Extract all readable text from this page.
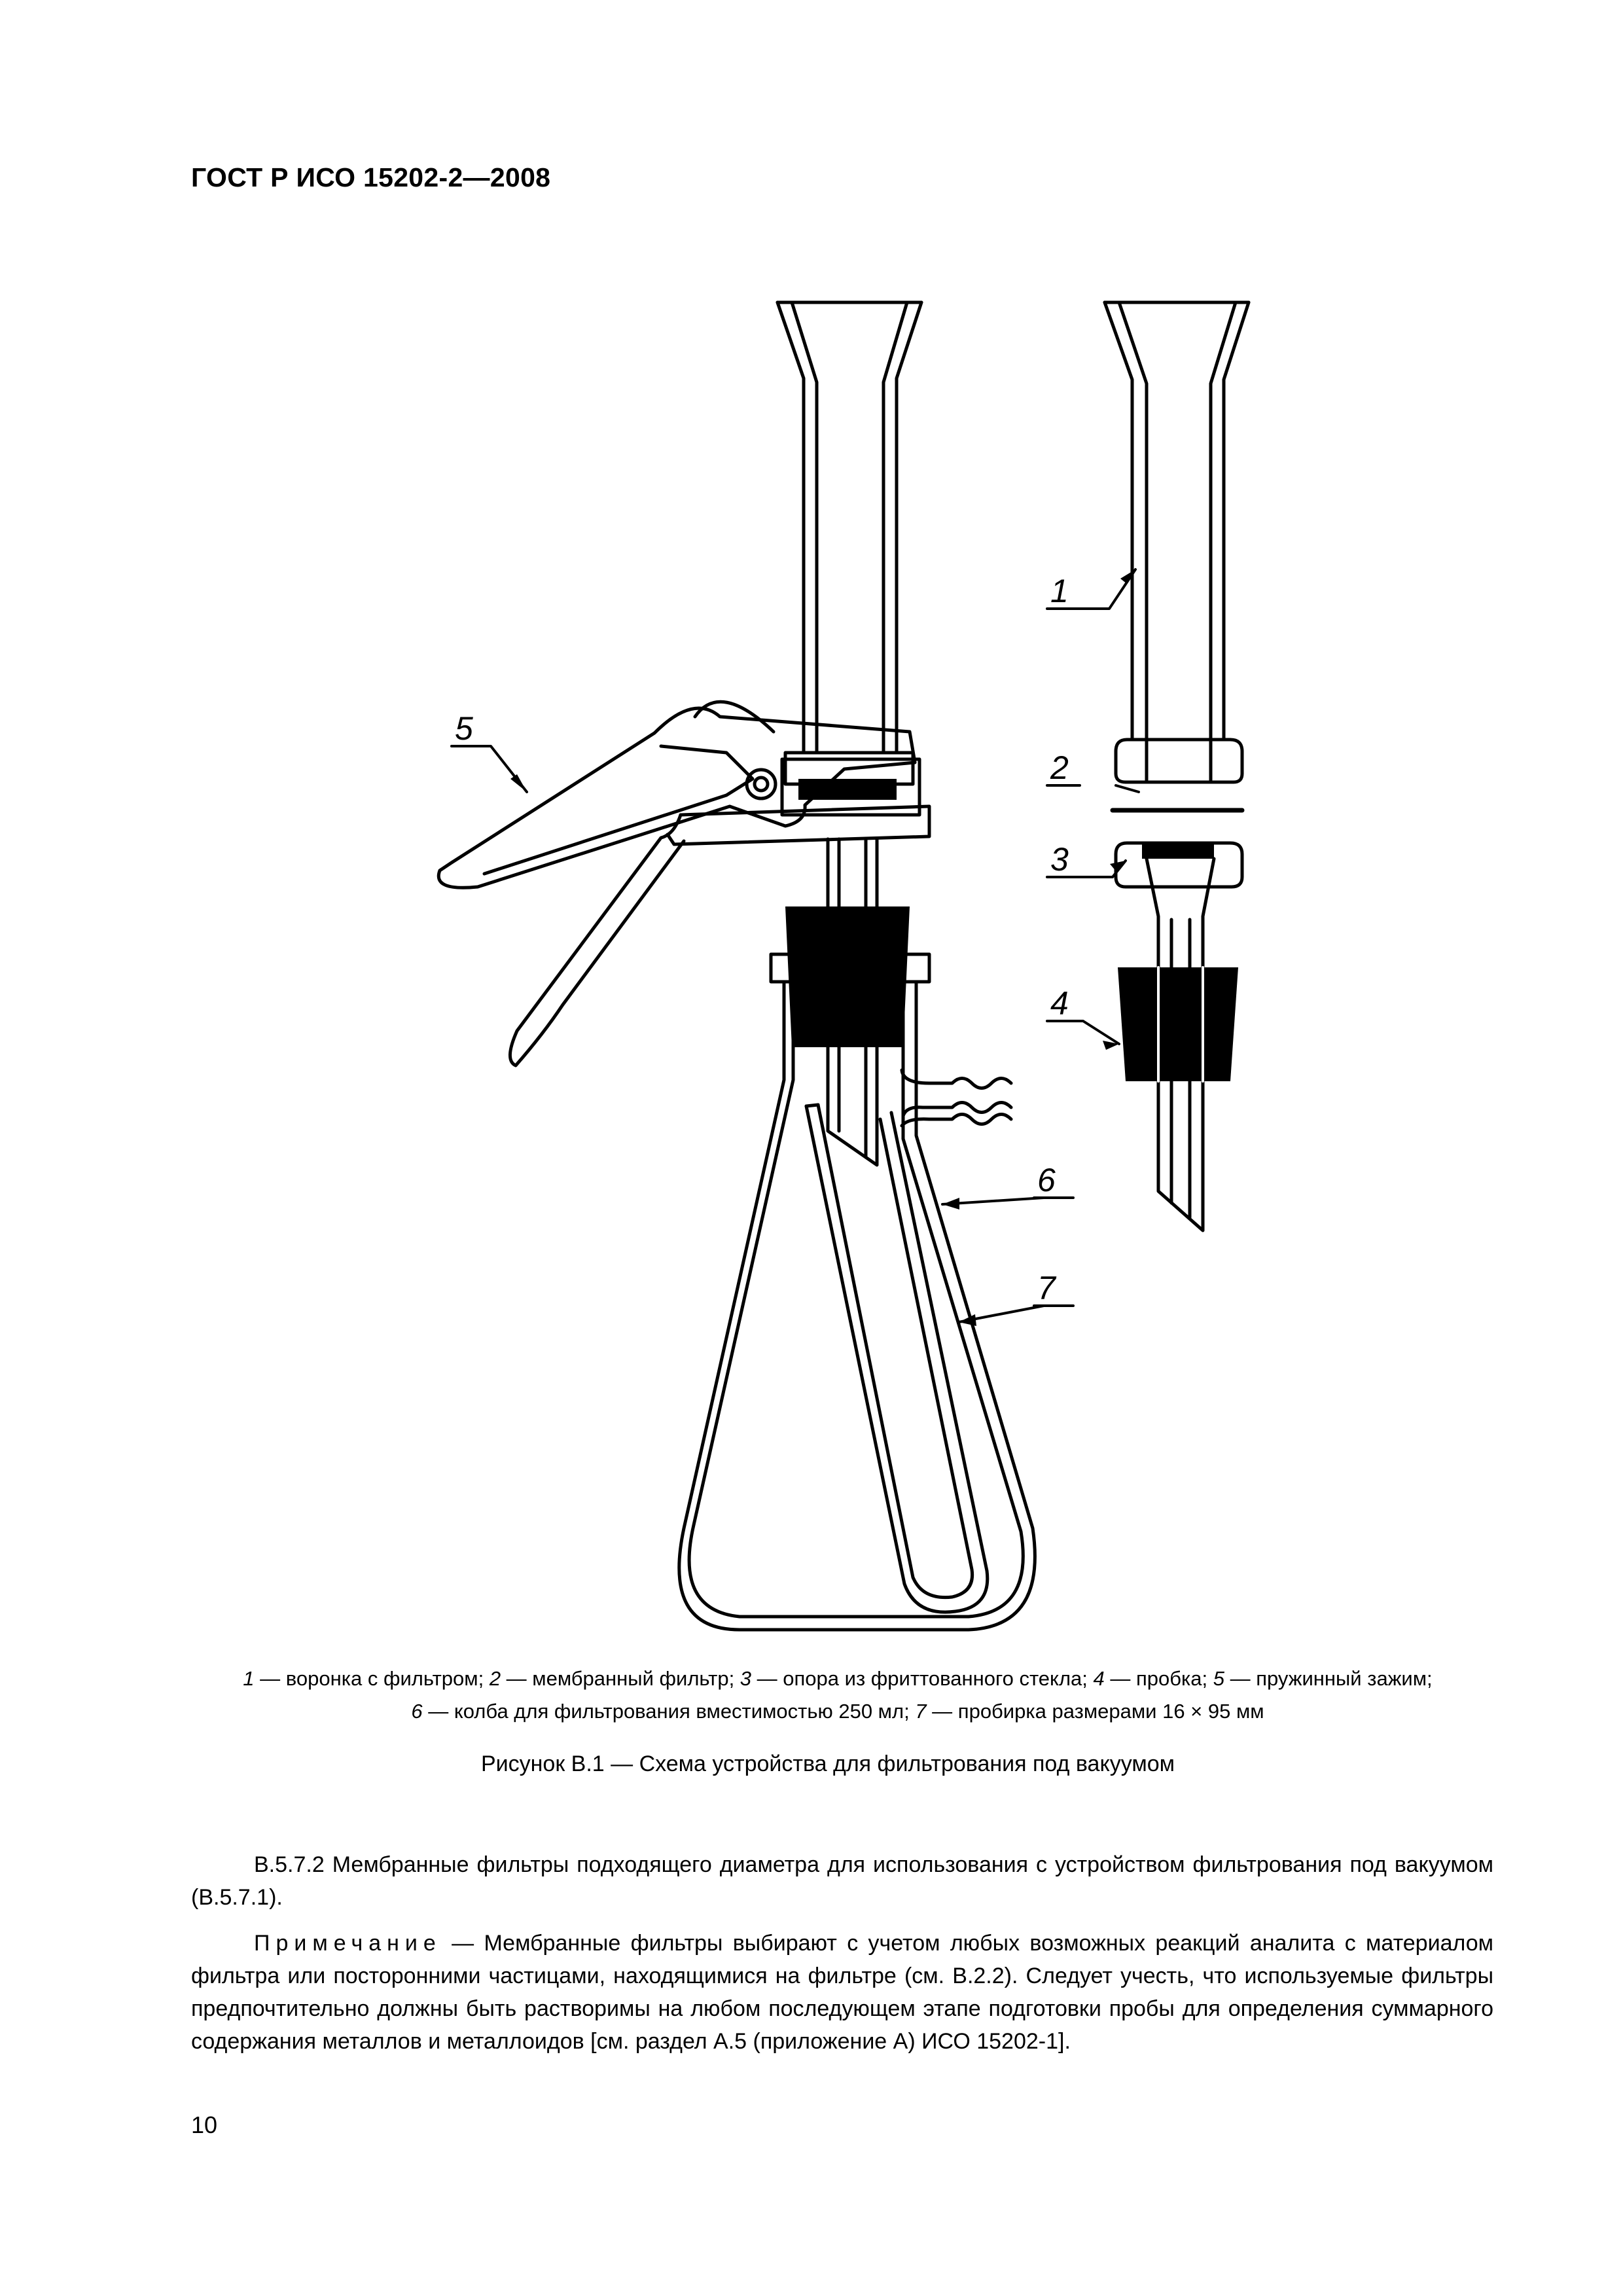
ГОСТ Р ИСО 15202-2—2008
1
2
3
4
5
6
7
1 — воронка с фильтром; 2 — мембранный фильтр; 3 — опора из фриттованного стекла; 4 — пробка; 5 — пружинный зажим;
6 — колба для фильтрования вместимостью 250 мл; 7 — пробирка размерами 16 × 95 мм
Рисунок В.1 — Схема устройства для фильтрования под вакуумом
В.5.7.2 Мембранные фильтры подходящего диаметра для использования с устройством фильтрования под вакуумом (В.5.7.1).
Примечание — Мембранные фильтры выбирают с учетом любых возможных реакций аналита с материалом фильтра или посторонними частицами, находящимися на фильтре (см. В.2.2). Следует учесть, что используемые фильтры предпочтительно должны быть растворимы на любом последующем этапе подготовки пробы для определения суммарного содержания металлов и металлоидов [см. раздел А.5 (приложение А) ИСО 15202-1].
10
